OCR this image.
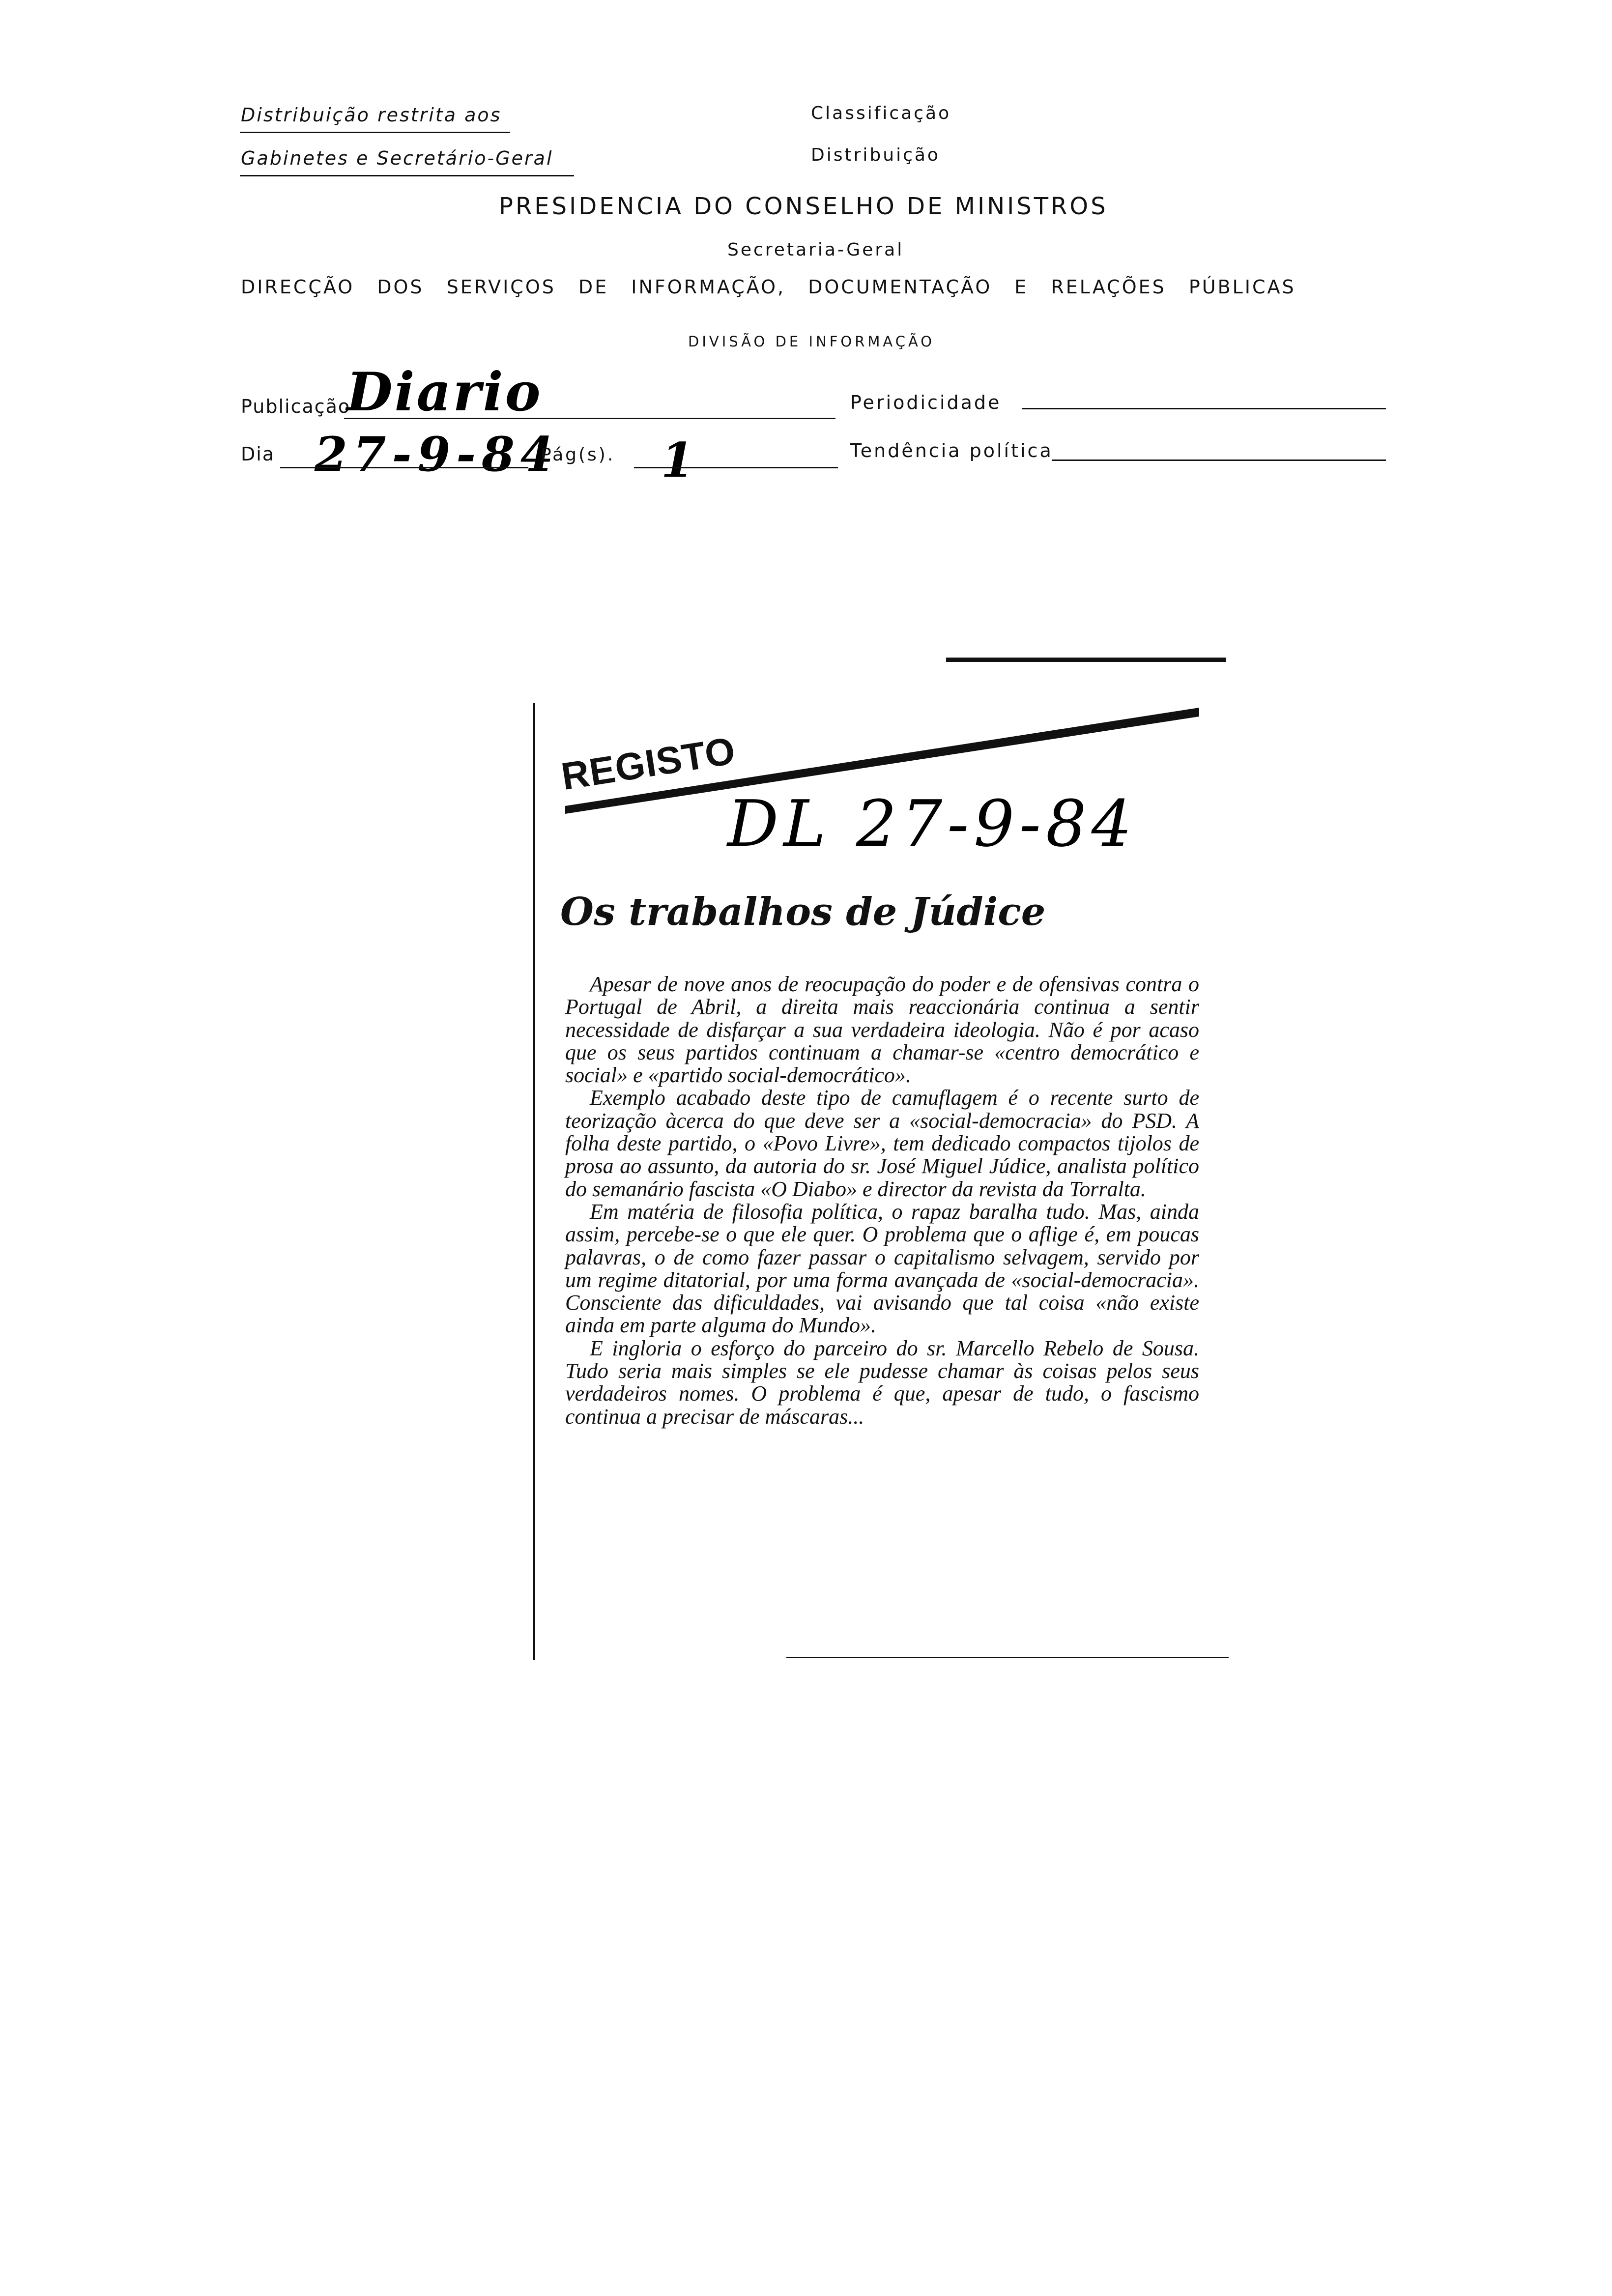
Distribuição restrita aos
Gabinetes e Secretário-Geral
Classificação
Distribuição
PRESIDENCIA DO CONSELHO DE MINISTROS
Secretaria-Geral
DIRECÇÃO DOS SERVIÇOS DE INFORMAÇÃO, DOCUMENTAÇÃO E RELAÇÕES PÚBLICAS
DIVISÃO DE INFORMAÇÃO
Publicação
Diario	Periodicidade
Dia 27-9-84
Pág(s). 1	Tendência política
REGISTO
DL 27-9-84
Os trabalhos de Júdice

Apesar de nove anos de reocupação do poder e de ofensivas contra o Portugal de Abril, a direita mais reaccionária continua a sentir necessidade de disfarçar a sua verdadeira ideologia. Não é por acaso que os seus partidos continuam a chamar-se «centro democrático e social» e «partido social-democrático».

Exemplo acabado deste tipo de camuflagem é o recente surto de teorização àcerca do que deve ser a «social-democracia» do PSD. A folha deste partido, o «Povo Livre», tem dedicado compactos tijolos de prosa ao assunto, da autoria do sr. José Miguel Júdice, analista político do semanário fascista «O Diabo» e director da revista da Torralta.

Em matéria de filosofia política, o rapaz baralha tudo. Mas, ainda assim, percebe-se o que ele quer. O problema que o aflige é, em poucas palavras, o de como fazer passar o capitalismo selvagem, servido por um regime ditatorial, por uma forma avançada de «social-democracia». Consciente das dificuldades, vai avisando que tal coisa «não existe ainda em parte alguma do Mundo».

E ingloria o esforço do parceiro do sr. Marcello Rebelo de Sousa. Tudo seria mais simples se ele pudesse chamar às coisas pelos seus verdadeiros nomes. O problema é que, apesar de tudo, o fascismo continua a precisar de máscaras...
